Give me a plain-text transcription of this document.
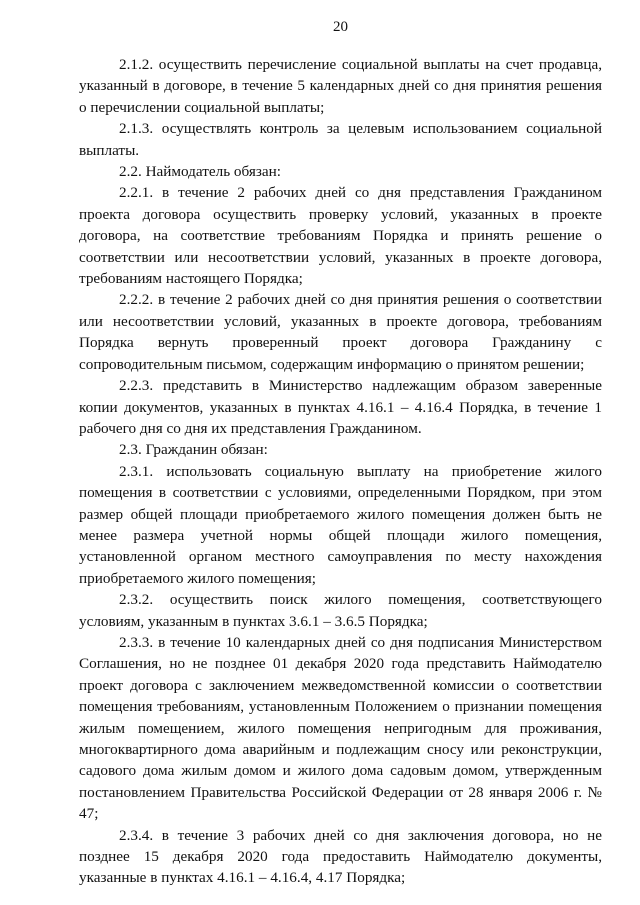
20

2.1.2. осуществить перечисление социальной выплаты на счет продавца, указанный в договоре, в течение 5 календарных дней со дня принятия решения о перечислении социальной выплаты;

2.1.3. осуществлять контроль за целевым использованием социальной выплаты.

2.2. Наймодатель обязан:

2.2.1. в течение 2 рабочих дней со дня представления Гражданином проекта договора осуществить проверку условий, указанных в проекте договора, на соответствие требованиям Порядка и принять решение о соответствии или несоответствии условий, указанных в проекте договора, требованиям настоящего Порядка;

2.2.2. в течение 2 рабочих дней со дня принятия решения о соответствии или несоответствии условий, указанных в проекте договора, требованиям Порядка вернуть проверенный проект договора Гражданину с сопроводительным письмом, содержащим информацию о принятом решении;

2.2.3. представить в Министерство надлежащим образом заверенные копии документов, указанных в пунктах 4.16.1 – 4.16.4 Порядка, в течение 1 рабочего дня со дня их представления Гражданином.

2.3. Гражданин обязан:

2.3.1. использовать социальную выплату на приобретение жилого помещения в соответствии с условиями, определенными Порядком, при этом размер общей площади приобретаемого жилого помещения должен быть не менее размера учетной нормы общей площади жилого помещения, установленной органом местного самоуправления по месту нахождения приобретаемого жилого помещения;

2.3.2. осуществить поиск жилого помещения, соответствующего условиям, указанным в пунктах 3.6.1 – 3.6.5 Порядка;

2.3.3. в течение 10 календарных дней со дня подписания Министерством Соглашения, но не позднее 01 декабря 2020 года представить Наймодателю проект договора с заключением межведомственной комиссии о соответствии помещения требованиям, установленным Положением о признании помещения жилым помещением, жилого помещения непригодным для проживания, многоквартирного дома аварийным и подлежащим сносу или реконструкции, садового дома жилым домом и жилого дома садовым домом, утвержденным постановлением Правительства Российской Федерации от 28 января 2006 г. № 47;

2.3.4. в течение 3 рабочих дней со дня заключения договора, но не позднее 15 декабря 2020 года предоставить Наймодателю документы, указанные в пунктах 4.16.1 – 4.16.4, 4.17 Порядка;
